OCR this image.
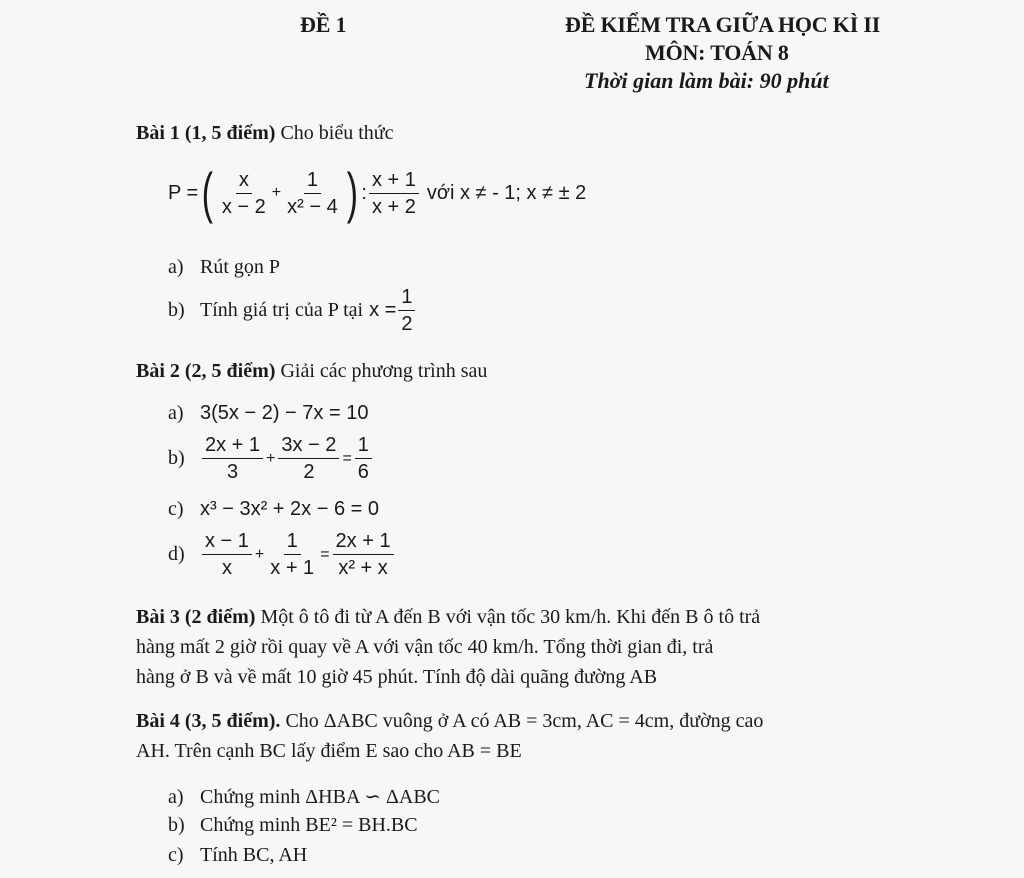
ĐỀ 1	ĐỀ KIỂM TRA GIỮA HỌC KÌ II
MÔN: TOÁN 8
Thời gian làm bài: 90 phút
Bài 1 (1, 5 điểm) Cho biểu thức
P = ( $\frac{x}{x - 2} + \frac{1}{\text{x² − 4}}$ ) : $\frac{x + 1}{x + 2}$ với x ≠ - 1; x ≠ ± 2
a) Rút gọn P
b) Tính giá trị của P tại $x = \frac{1}{2}$
Bài 2 (2, 5 điểm) Giải các phương trình sau
a) 3(5x − 2) − 7x = 10
$b) \frac{2x + 1}{3} + \frac{3x - 2}{2} = \frac{1}{6}$
c) x³ − 3x² + 2x − 6 = 0
$d) \frac{x - 1}{x} + \frac{1}{x + 1} = \frac{2x + 1}{\text{x² + x}}$
Bài 3 (2 điểm) Một ô tô đi từ A đến B với vận tốc 30 km/h. Khi đến B ô tô trả
hàng mất 2 giờ rồi quay về A với vận tốc 40 km/h. Tổng thời gian đi, trả
hàng ở B và về mất 10 giờ 45 phút. Tính độ dài quãng đường AB
Bài 4 (3, 5 điểm). Cho ΔABC vuông ở A có AB = 3cm, AC = 4cm, đường cao
AH. Trên cạnh BC lấy điểm E sao cho AB = BE
a) Chứng minh ΔHBA ∽ ΔABC
b) Chứng minh BE² = BH.BC
c) Tính BC, AH
